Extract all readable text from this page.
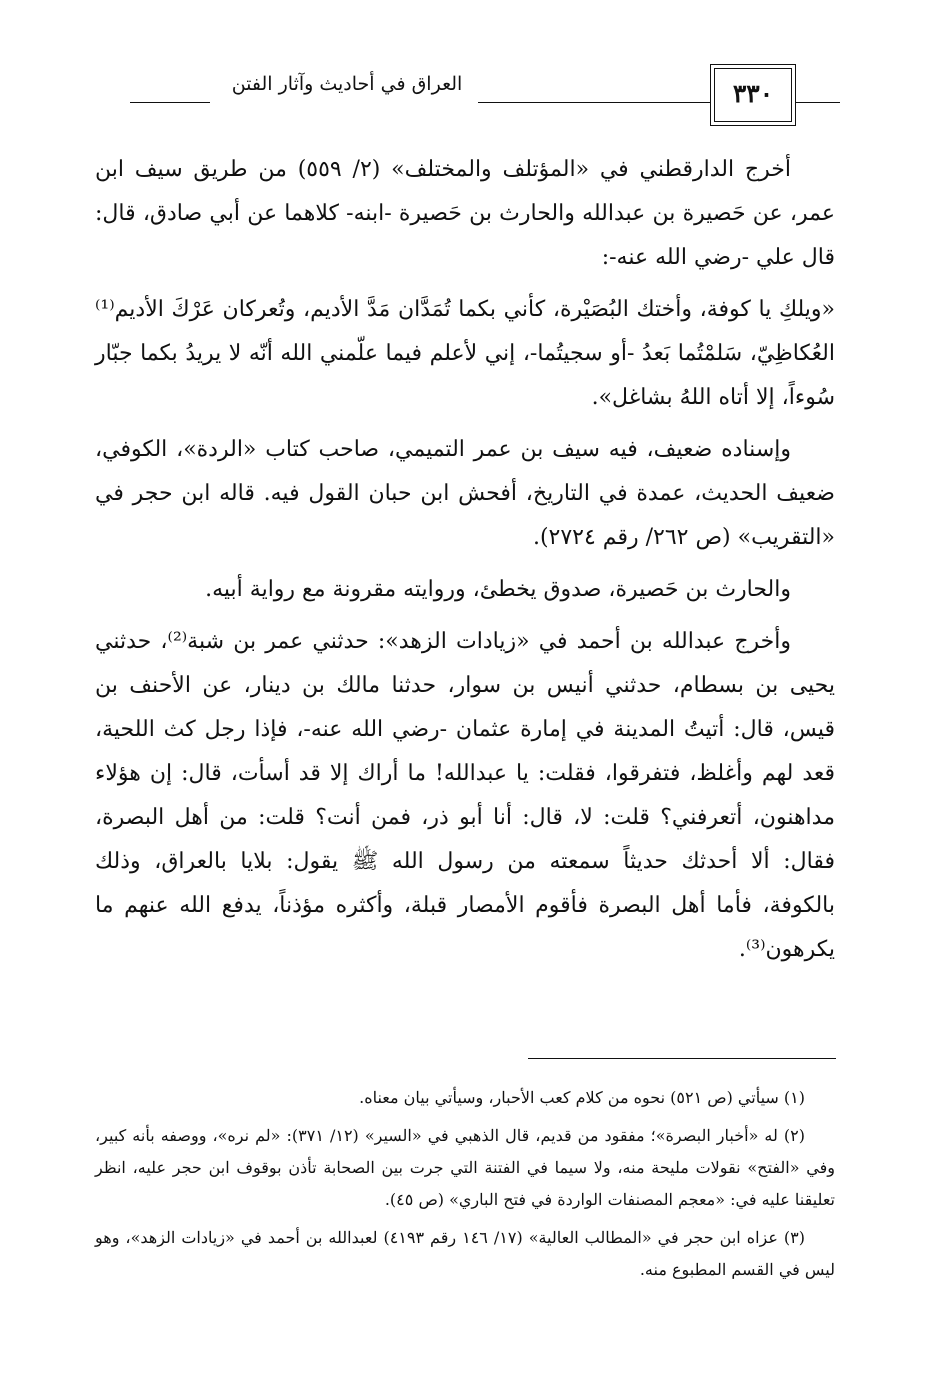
العراق في أحاديث وآثار الفتن	٣٣٠

أخرج الدارقطني في «المؤتلف والمختلف» (٢/ ٥٥٩) من طريق سيف ابن عمر، عن حَصيرة بن عبدالله والحارث بن حَصيرة -ابنه- كلاهما عن أبي صادق، قال: قال علي -رضي الله عنه-:

«ويلكِ يا كوفة، وأختك البُصَيْرة، كأني بكما تُمَدَّان مَدَّ الأديم، وتُعركان عَرْكَ الأديم⁽¹⁾ العُكاظِيّ، سَلمْتُما بَعدُ -أو سجيتُما-، إني لأعلم فيما علّمني الله أنّه لا يريدُ بكما جبّار سُوءاً، إلا أتاه اللهُ بشاغل».

وإسناده ضعيف، فيه سيف بن عمر التميمي، صاحب كتاب «الردة»، الكوفي، ضعيف الحديث، عمدة في التاريخ، أفحش ابن حبان القول فيه. قاله ابن حجر في «التقريب» (ص ٢٦٢/ رقم ٢٧٢٤).

والحارث بن حَصيرة، صدوق يخطئ، وروايته مقرونة مع رواية أبيه.

وأخرج عبدالله بن أحمد في «زيادات الزهد»: حدثني عمر بن شبة⁽²⁾، حدثني يحيى بن بسطام، حدثني أنيس بن سوار، حدثنا مالك بن دينار، عن الأحنف بن قيس، قال: أتيتُ المدينة في إمارة عثمان -رضي الله عنه-، فإذا رجل كث اللحية، قعد لهم وأغلظ، فتفرقوا، فقلت: يا عبدالله! ما أراك إلا قد أسأت، قال: إن هؤلاء مداهنون، أتعرفني؟ قلت: لا، قال: أنا أبو ذر، فمن أنت؟ قلت: من أهل البصرة، فقال: ألا أحدثك حديثاً سمعته من رسول الله ﷺ يقول: بلايا بالعراق، وذلك بالكوفة، فأما أهل البصرة فأقوم الأمصار قبلة، وأكثره مؤذناً، يدفع الله عنهم ما يكرهون⁽³⁾.

(١) سيأتي (ص ٥٢١) نحوه من كلام كعب الأحبار، وسيأتي بيان معناه.

(٢) له «أخبار البصرة»؛ مفقود من قديم، قال الذهبي في «السير» (١٢/ ٣٧١): «لم نره»، ووصفه بأنه كبير، وفي «الفتح» نقولات مليحة منه، ولا سيما في الفتنة التي جرت بين الصحابة تأذن بوقوف ابن حجر عليه، انظر تعليقنا عليه في: «معجم المصنفات الواردة في فتح الباري» (ص ٤٥).

(٣) عزاه ابن حجر في «المطالب العالية» (١٧/ ١٤٦ رقم ٤١٩٣) لعبدالله بن أحمد في «زيادات الزهد»، وهو ليس في القسم المطبوع منه.
